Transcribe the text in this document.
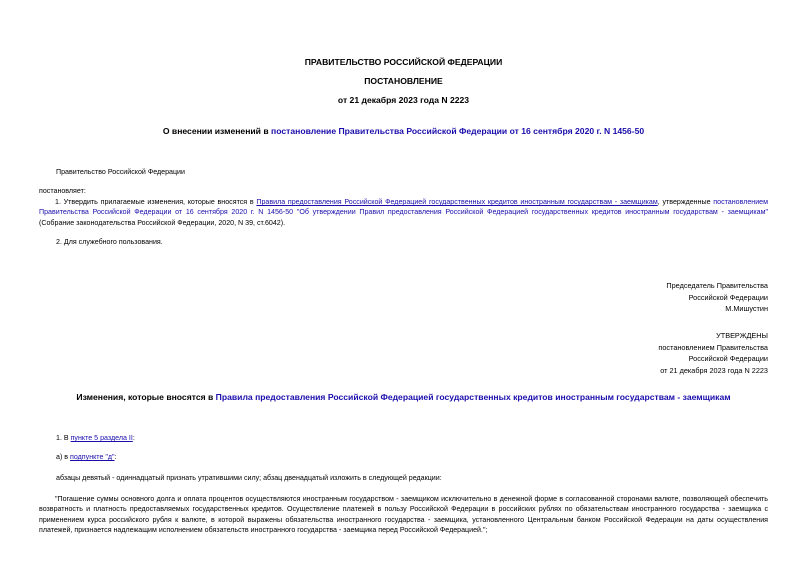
ПРАВИТЕЛЬСТВО РОССИЙСКОЙ ФЕДЕРАЦИИ
ПОСТАНОВЛЕНИЕ
от 21 декабря 2023 года N 2223
О внесении изменений в постановление Правительства Российской Федерации от 16 сентября 2020 г. N 1456-50
Правительство Российской Федерации
постановляет:
1. Утвердить прилагаемые изменения, которые вносятся в Правила предоставления Российской Федерацией государственных кредитов иностранным государствам - заемщикам, утвержденные постановлением Правительства Российской Федерации от 16 сентября 2020 г. N 1456-50 "Об утверждении Правил предоставления Российской Федерацией государственных кредитов иностранным государствам - заемщикам" (Собрание законодательства Российской Федерации, 2020, N 39, ст.6042).
2. Для служебного пользования.
Председатель Правительства
Российской Федерации
М.Мишустин
УТВЕРЖДЕНЫ
постановлением Правительства
Российской Федерации
от 21 декабря 2023 года N 2223
Изменения, которые вносятся в Правила предоставления Российской Федерацией государственных кредитов иностранным государствам - заемщикам
1. В пункте 5 раздела II:
а) в подпункте "д":
абзацы девятый - одиннадцатый признать утратившими силу; абзац двенадцатый изложить в следующей редакции:
"Погашение суммы основного долга и оплата процентов осуществляются иностранным государством - заемщиком исключительно в денежной форме в согласованной сторонами валюте, позволяющей обеспечить возвратность и платность предоставляемых государственных кредитов. Осуществление платежей в пользу Российской Федерации в российских рублях по обязательствам иностранного государства - заемщика с применением курса российского рубля к валюте, в которой выражены обязательства иностранного государства - заемщика, установленного Центральным банком Российской Федерации на даты осуществления платежей, признается надлежащим исполнением обязательств иностранного государства - заемщика перед Российской Федерацией.";
